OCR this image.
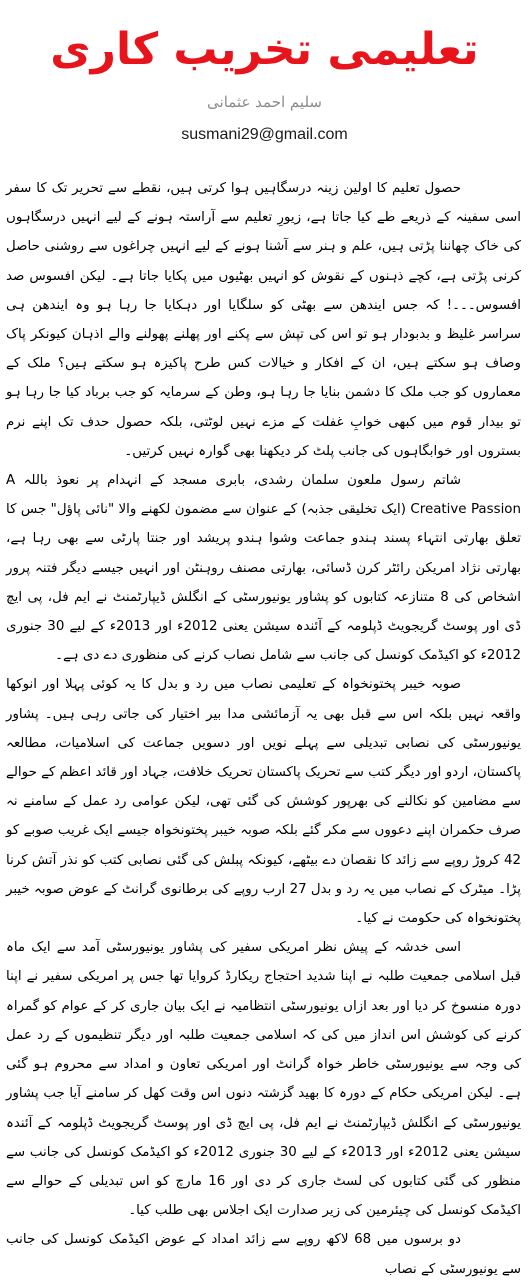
تعلیمی تخریب کاری
سلیم احمد عثمانی
susmani29@gmail.com

حصول تعلیم کا اولین زینہ درسگاہیں ہوا کرتی ہیں، نقطے سے تحریر تک کا سفر اسی سفینہ کے ذریعے طے کیا جاتا ہے، زیورِ تعلیم سے آراستہ ہونے کے لیے انہیں درسگاہوں کی خاک چھاننا پڑتی ہیں، علم و ہنر سے آشنا ہونے کے لیے انہیں چراغوں سے روشنی حاصل کرنی پڑتی ہے، کچے ذہنوں کے نقوش کو انہیں بھٹیوں میں پکایا جاتا ہے۔ لیکن افسوس صد افسوس۔۔۔! کہ جس ایندھن سے بھٹی کو سلگایا اور دہکایا جا رہا ہو وہ ایندھن ہی سراسر غلیظ و بدبودار ہو تو اس کی تپش سے پکنے اور پھلنے پھولنے والے اذہان کیونکر پاک وصاف ہو سکتے ہیں، ان کے افکار و خیالات کس طرح پاکیزہ ہو سکتے ہیں؟ ملک کے معماروں کو جب ملک کا دشمن بنایا جا رہا ہو، وطن کے سرمایہ کو جب برباد کیا جا رہا ہو تو بیدار قوم میں کبھی خوابِ غفلت کے مزے نہیں لوٹتی، بلکہ حصول حدف تک اپنے نرم بستروں اور خوابگاہوں کی جانب پلٹ کر دیکھنا بھی گوارہ نہیں کرتیں۔

شاتم رسول ملعون سلمان رشدی، بابری مسجد کے انہدام پر نعوذ باللہ A Creative Passion (ایک تخلیقی جذبہ) کے عنوان سے مضمون لکھنے والا "نائی پاؤل" جس کا تعلق بھارتی انتہاء پسند ہندو جماعت وشوا ہندو پریشد اور جنتا پارٹی سے بھی رہا ہے، بھارتی نژاد امریکن رائٹر کرن ڈسائی، بھارتی مصنف روہنٹن اور انہیں جیسے دیگر فتنہ پرور اشخاص کی 8 متنازعہ کتابوں کو پشاور یونیورسٹی کے انگلش ڈیپارٹمنٹ نے ایم فل، پی ایچ ڈی اور پوسٹ گریجویٹ ڈپلومہ کے آئندہ سیشن یعنی 2012ء اور 2013ء کے لیے 30 جنوری 2012ء کو اکیڈمک کونسل کی جانب سے شامل نصاب کرنے کی منظوری دے دی ہے۔

صوبہ خیبر پختونخواہ کے تعلیمی نصاب میں رد و بدل کا یہ کوئی پہلا اور انوکھا واقعہ نہیں بلکہ اس سے قبل بھی یہ آزمائشی مدا بیر اختیار کی جاتی رہی ہیں۔ پشاور یونیورسٹی کی نصابی تبدیلی سے پہلے نویں اور دسویں جماعت کی اسلامیات، مطالعہ پاکستان، اردو اور دیگر کتب سے تحریک پاکستان تحریک خلافت، جہاد اور قائد اعظم کے حوالے سے مضامین کو نکالنے کی بھرپور کوشش کی گئی تھی، لیکن عوامی رد عمل کے سامنے نہ صرف حکمران اپنے دعووں سے مکر گئے بلکہ صوبہ خیبر پختونخواہ جیسے ایک غریب صوبے کو 42 کروڑ روپے سے زائد کا نقصان دے بیٹھے، کیونکہ پبلش کی گئی نصابی کتب کو نذر آتش کرنا پڑا۔ میٹرک کے نصاب میں یہ رد و بدل 27 ارب روپے کی برطانوی گرانٹ کے عوض صوبہ خیبر پختونخواہ کی حکومت نے کیا۔

اسی خدشہ کے پیش نظر امریکی سفیر کی پشاور یونیورسٹی آمد سے ایک ماہ قبل اسلامی جمعیت طلبہ نے اپنا شدید احتجاج ریکارڈ کروایا تھا جس پر امریکی سفیر نے اپنا دورہ منسوخ کر دیا اور بعد ازاں یونیورسٹی انتظامیہ نے ایک بیان جاری کر کے عوام کو گمراہ کرنے کی کوشش اس انداز میں کی کہ اسلامی جمعیت طلبہ اور دیگر تنظیموں کے رد عمل کی وجہ سے یونیورسٹی خاطر خواہ گرانٹ اور امریکی تعاون و امداد سے محروم ہو گئی ہے۔ لیکن امریکی حکام کے دورہ کا بھید گزشتہ دنوں اس وقت کھل کر سامنے آیا جب پشاور یونیورسٹی کے انگلش ڈیپارٹمنٹ نے ایم فل، پی ایچ ڈی اور پوسٹ گریجویٹ ڈپلومہ کے آئندہ سیشن یعنی 2012ء اور 2013ء کے لیے 30 جنوری 2012ء کو اکیڈمک کونسل کی جانب سے منظور کی گئی کتابوں کی لسٹ جاری کر دی اور 16 مارچ کو اس تبدیلی کے حوالے سے اکیڈمک کونسل کی چیئرمین کی زیر صدارت ایک اجلاس بھی طلب کیا۔

دو برسوں میں 68 لاکھ روپے سے زائد امداد کے عوض اکیڈمک کونسل کی جانب سے یونیورسٹی کے نصاب
